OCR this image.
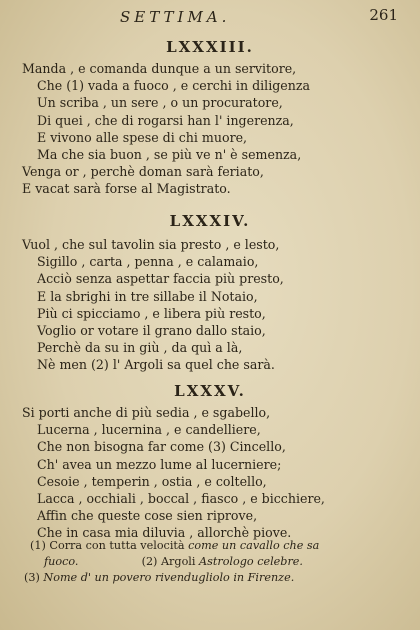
SETTIMA.	261
LXXXIII.
Manda , e comanda dunque a un servitore,
Che (1) vada a fuoco , e cerchi in diligenza
Un scriba , un sere , o un procuratore,
Di quei , che di rogarsi han l' ingerenza,
E vivono alle spese di chi muore,
Ma che sia buon , se più ve n' è semenza,
Venga or , perchè doman sarà feriato,
E vacat sarà forse al Magistrato.
LXXXIV.
Vuol , che sul tavolin sia presto , e lesto,
Sigillo , carta , penna , e calamaio,
Acciò senza aspettar faccia più presto,
E la sbrighi in tre sillabe il Notaio,
Più ci spicciamo , e libera più resto,
Voglio or votare il grano dallo staio,
Perchè da su in giù , da quì a là,
Nè men (2) l' Argoli sa quel che sarà.
LXXXV.
Si porti anche di più sedia , e sgabello,
Lucerna , lucernina , e candelliere,
Che non bisogna far come (3) Cincello,
Ch' avea un mezzo lume al lucerniere;
Cesoie , temperin , ostia , e coltello,
Lacca , occhiali , boccal , fiasco , e bicchiere,
Affin che queste cose sien riprove,
Che in casa mia diluvia , allorchè piove.
(1) Corra con tutta velocità come un cavallo che sa
fuoco.	(2) Argoli Astrologo celebre.
(3) Nome d' un povero rivendugliolo in Firenze.
